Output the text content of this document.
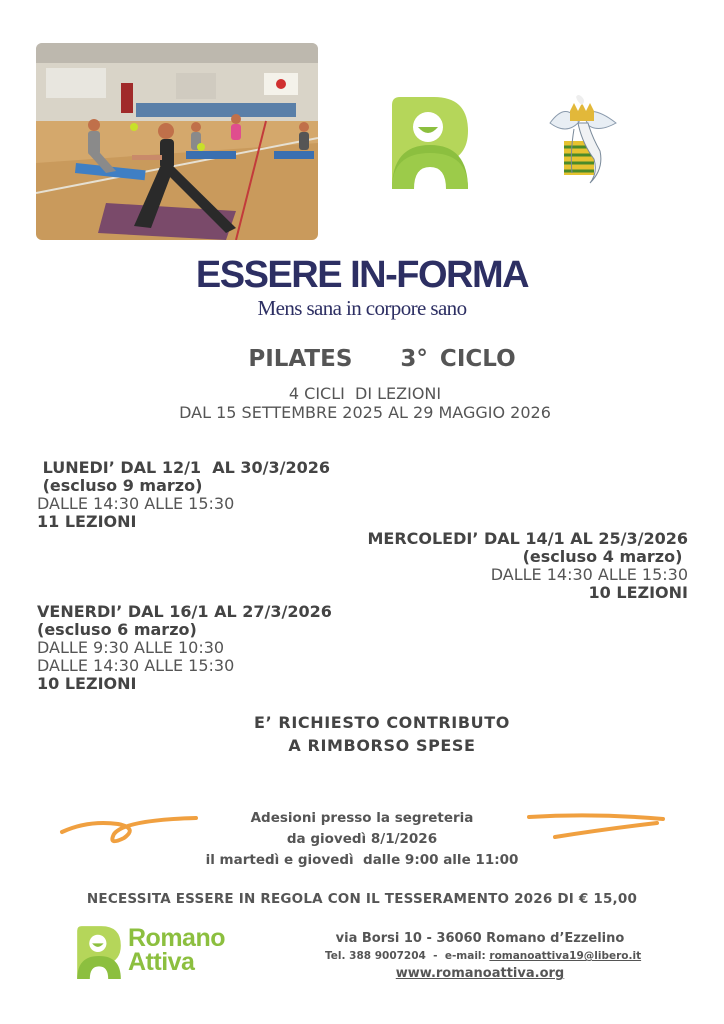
ESSERE IN-FORMA
Mens sana in corpore sano
PILATES    3° CICLO
4 CICLI  DI LEZIONI
DAL 15 SETTEMBRE 2025 AL 29 MAGGIO 2026
LUNEDI’ DAL 12/1  AL 30/3/2026
(escluso 9 marzo)
DALLE 14:30 ALLE 15:30
11 LEZIONI
MERCOLEDI’ DAL 14/1 AL 25/3/2026
(escluso 4 marzo)
DALLE 14:30 ALLE 15:30
10 LEZIONI
VENERDI’ DAL 16/1 AL 27/3/2026
(escluso 6 marzo)
DALLE 9:30 ALLE 10:30
DALLE 14:30 ALLE 15:30
10 LEZIONI
E’ RICHIESTO CONTRIBUTO
A RIMBORSO SPESE
Adesioni presso la segreteria
da giovedì 8/1/2026
il martedì e giovedì  dalle 9:00 alle 11:00
NECESSITA ESSERE IN REGOLA CON IL TESSERAMENTO 2026 DI € 15,00
Romano
Attiva
via Borsi 10 - 36060 Romano d’Ezzelino
Tel. 388 9007204  -  e-mail: romanoattiva19@libero.it
www.romanoattiva.org
